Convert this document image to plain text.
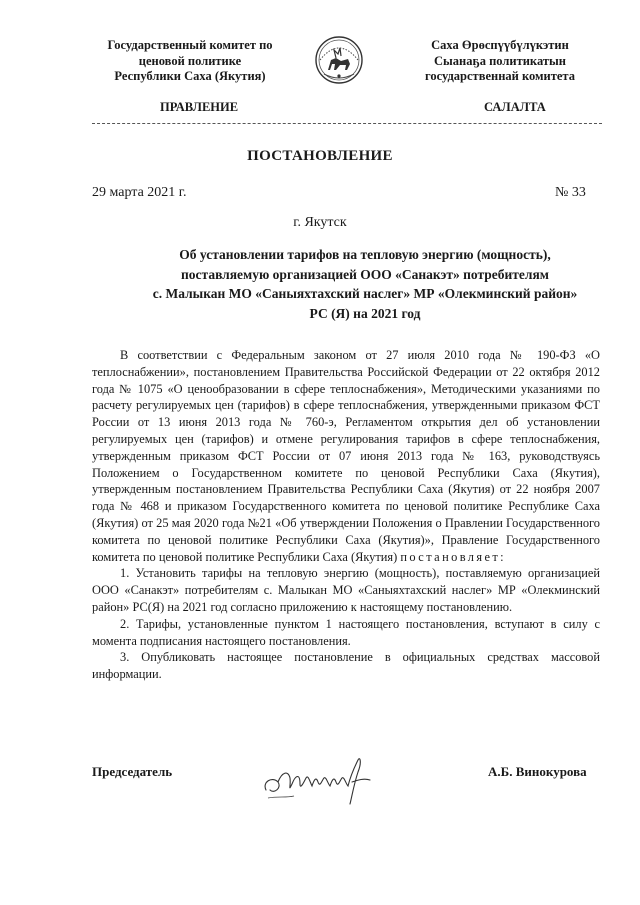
Государственный комитет по
ценовой политике
Республики Саха (Якутия)
Саха Өрөспүүбүлүкэтин
Сыанаҕа политикатын
государственнай комитета
ПРАВЛЕНИЕ	САЛАЛТА
ПОСТАНОВЛЕНИЕ
29 марта 2021 г.	№ 33
г. Якутск
Об установлении тарифов на тепловую энергию (мощность),
поставляемую организацией ООО «Санакэт» потребителям
с. Малыкан МО «Саныяхтахский наслег» МР «Олекминский район»
РС (Я) на 2021 год

В соответствии с Федеральным законом от 27 июля 2010 года № 190-ФЗ «О теплоснабжении», постановлением Правительства Российской Федерации от 22 октября 2012 года № 1075 «О ценообразовании в сфере теплоснабжения», Методическими указаниями по расчету регулируемых цен (тарифов) в сфере теплоснабжения, утвержденными приказом ФСТ России от 13 июня 2013 года № 760-э, Регламентом открытия дел об установлении регулируемых цен (тарифов) и отмене регулирования тарифов в сфере теплоснабжения, утвержденным приказом ФСТ России от 07 июня 2013 года № 163, руководствуясь Положением о Государственном комитете по ценовой Республики Саха (Якутия), утвержденным постановлением Правительства Республики Саха (Якутия) от 22 ноября 2007 года № 468 и приказом Государственного комитета по ценовой политике Республике Саха (Якутия) от 25 мая 2020 года №21 «Об утверждении Положения о Правлении Государственного комитета по ценовой политике Республики Саха (Якутия)», Правление Государственного комитета по ценовой политике Республики Саха (Якутия) постановляет:

1. Установить тарифы на тепловую энергию (мощность), поставляемую организацией ООО «Санакэт» потребителям с. Малыкан МО «Саныяхтахский наслег» МР «Олекминский район» РС(Я) на 2021 год согласно приложению к настоящему постановлению.

2. Тарифы, установленные пунктом 1 настоящего постановления, вступают в силу с момента подписания настоящего постановления.

3. Опубликовать настоящее постановление в официальных средствах массовой информации.

Председатель	А.Б. Винокурова
